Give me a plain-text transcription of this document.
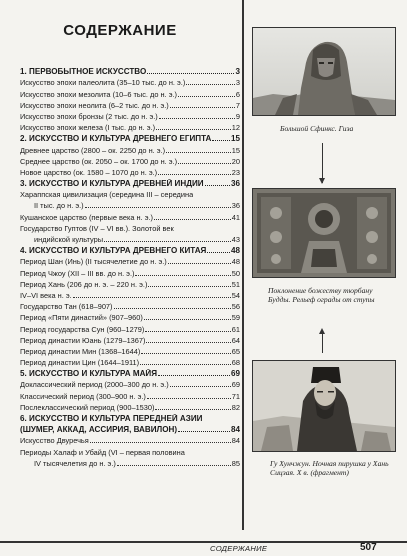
СОДЕРЖАНИЕ
1. ПЕРВОБЫТНОЕ ИСКУССТВО	3
Искусство эпохи палеолита (35–10 тыс. до н. э.)	3
Искусство эпохи мезолита (10–6 тыс. до н. э.)	6
Искусство эпохи неолита (6–2 тыс. до н. э.)	7
Искусство эпохи бронзы (2 тыс. до н. э.)	9
Искусство эпохи железа (I тыс. до н. э.)	12
2. ИСКУССТВО И КУЛЬТУРА ДРЕВНЕГО ЕГИПТА 15
Древнее царство (2800 – ок. 2250 до н. э.)	15
Среднее царство (ок. 2050 – ок. 1700 до н. э.)	20
Новое царство (ок. 1580 – 1070 до н. э.)	23
3. ИСКУССТВО И КУЛЬТУРА ДРЕВНЕЙ ИНДИИ	36
Хараппская цивилизация (середина III – середина
II тыс. до н. э.)	36
Кушанское царство (первые века н. э.)	41
Государство Гуптов (IV – VI вв.). Золотой век
индийской культуры	43
4. ИСКУССТВО И КУЛЬТУРА ДРЕВНЕГО КИТАЯ	48
Период Шан (Инь) (II тысячелетие до н. э.)	48
Период Чжоу (XII – III вв. до н. э.)	50
Период Хань (206 до н. э. – 220 н. э.)	51
IV–VI века н. э.	54
Государство Тан (618–907)	56
Период «Пяти династий» (907–960)	59
Период государства Сун (960–1279)	61
Период династии Юань (1279–1367)	64
Период династии Мин (1368–1644)	65
Период династии Цин (1644–1911)	68
5. ИСКУССТВО И КУЛЬТУРА МАЙЯ	69
Доклассический период (2000–300 до н. э.)	69
Классический период (300–900 н. э.)	71
Послеклассический период (900–1530)	82
6. ИСКУССТВО И КУЛЬТУРА ПЕРЕДНЕЙ АЗИИ
(ШУМЕР, АККАД, АССИРИЯ, ВАВИЛОН)	84
Искусство Двуречья	84
Периоды Халаф и Убайд (VI – первая половина
IV тысячелетия до н. э.)	85
Большой Сфинкс. Гиза
Поклонение божеству тюрбану Будды. Рельеф ограды от ступы
Гу Хунчжун. Ночная пирушка у Хань Сицзая. X в. (фрагмент)
СОДЕРЖАНИЕ	507
